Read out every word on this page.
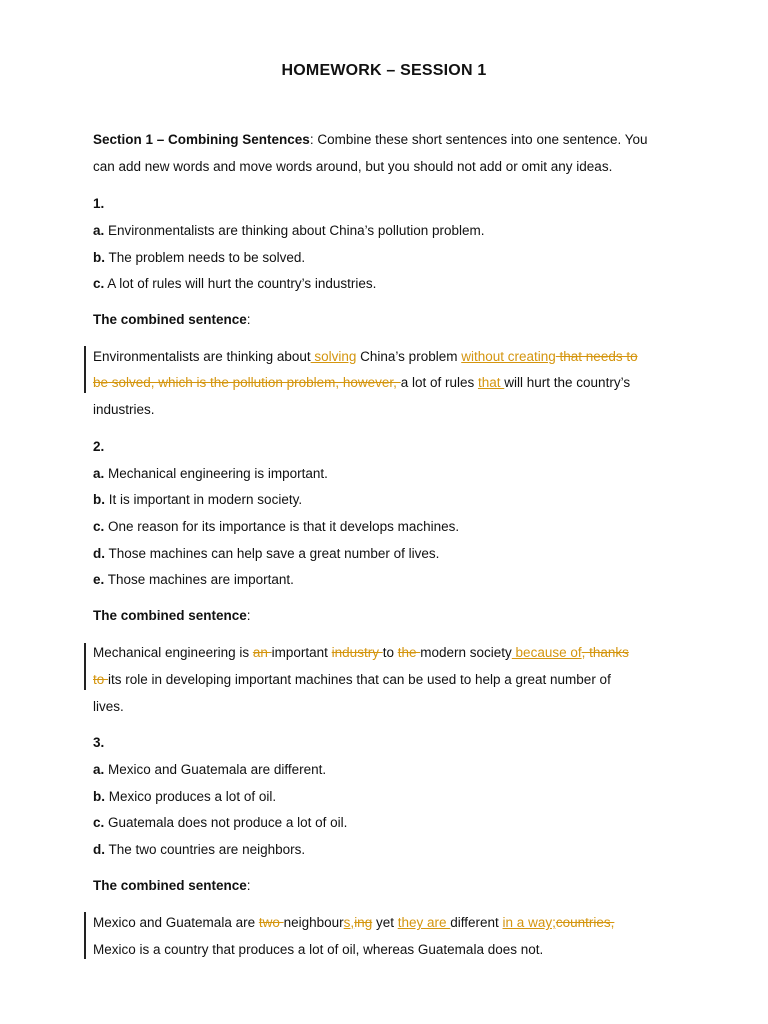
HOMEWORK – SESSION 1
Section 1 – Combining Sentences: Combine these short sentences into one sentence. You
can add new words and move words around, but you should not add or omit any ideas.
1.
a. Environmentalists are thinking about China’s pollution problem.
b. The problem needs to be solved.
c. A lot of rules will hurt the country’s industries.
The combined sentence:
Environmentalists are thinking about solving China’s problem without creating that needs to
be solved, which is the pollution problem, however, a lot of rules that will hurt the country’s
industries.
2.
a. Mechanical engineering is important.
b. It is important in modern society.
c. One reason for its importance is that it develops machines.
d. Those machines can help save a great number of lives.
e. Those machines are important.
The combined sentence:
Mechanical engineering is an important industry to the modern society because of, thanks
to its role in developing important machines that can be used to help a great number of
lives.
3.
a. Mexico and Guatemala are different.
b. Mexico produces a lot of oil.
c. Guatemala does not produce a lot of oil.
d. The two countries are neighbors.
The combined sentence:
Mexico and Guatemala are two neighbours,ing yet they are different in a way;countries,
Mexico is a country that produces a lot of oil, whereas Guatemala does not.
